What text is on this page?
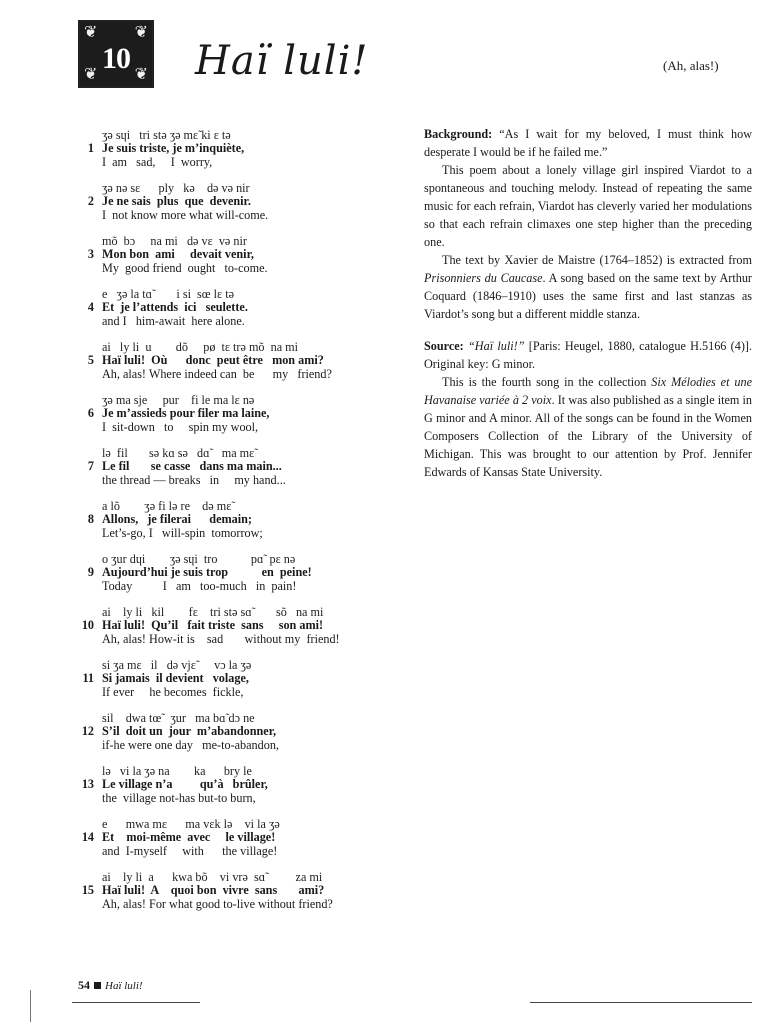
❦ ❦
❦ ❦
10	Haï luli!	(Ah, alas!)
ʒə sɥi   tri stə ʒə mɛ̃ ki ɛ tə
1 Je suis triste, je m’inquiète,
I  am   sad,     I  worry,
ʒə nə sɛ      ply   kə    də və nir
2 Je ne sais  plus  que  devenir.
I  not know more what will-come.
mõ  bɔ     na mi   də vɛ  və nir
3 Mon bon  ami     devait venir,
My  good friend  ought   to-come.
e   ʒə la tɑ̃        i si  sœ lɛ tə
4 Et  je l’attends  ici   seulette.
and I   him-await  here alone.
ai   ly li  u        dõ     pø  tɛ trə mõ  na mi
5 Haï luli!  Où      donc  peut être   mon ami?
Ah, alas! Where indeed can  be      my   friend?
ʒə ma sje     pur    fi le ma lɛ nə
6 Je m’assieds pour filer ma laine,
I  sit-down   to     spin my wool,
lə  fil       sə kɑ sə   dɑ̃    ma mɛ̃
7 Le fil       se casse   dans ma main...
the thread — breaks   in     my hand...
a lõ        ʒə fi lə re    də mɛ̃
8 Allons,   je filerai      demain;
Let’s-go, I   will-spin  tomorrow;
o ʒur dɥi        ʒə sɥi  tro           pɑ̃  pɛ nə
9 Aujourd’hui je suis trop           en  peine!
Today          I   am   too-much   in  pain!
ai    ly li   kil        fɛ    tri stə sɑ̃        sõ   na mi
10 Haï luli!  Qu’il   fait triste  sans     son ami!
Ah, alas! How-it is    sad       without my  friend!
si ʒa mɛ   il   də vjɛ̃      vɔ la ʒə
11 Si jamais  il devient   volage,
If ever     he becomes  fickle,
sil    dwa tœ̃   ʒur   ma bɑ̃ dɔ ne
12 S’il  doit un  jour  m’abandonner,
if-he were one day   me-to-abandon,
lə   vi la ʒə na        ka      bry le
13 Le village n’a         qu’à   brûler,
the  village not-has but-to burn,
e      mwa mɛ      ma vɛk lə    vi la ʒə
14 Et    moi-même  avec     le village!
and  I-myself     with      the village!
ai    ly li  a      kwa bõ    vi vrə  sɑ̃          za mi
15 Haï luli!  A    quoi bon  vivre  sans       ami?
Ah, alas! For what good to-live without friend?

Background: “As I wait for my beloved, I must think how desperate I would be if he failed me.”

This poem about a lonely village girl inspired Viardot to a spontaneous and touching melody. Instead of repeating the same music for each refrain, Viardot has cleverly varied her modulations so that each refrain climaxes one step higher than the preceding one.

The text by Xavier de Maistre (1764–1852) is extracted from Prisonniers du Caucase. A song based on the same text by Arthur Coquard (1846–1910) uses the same first and last stanzas as Viardot’s song but a different middle stanza.

Source: “Haï luli!” [Paris: Heugel, 1880, catalogue H.5166 (4)]. Original key: G minor.

This is the fourth song in the collection Six Mélodies et une Havanaise variée à 2 voix. It was also published as a single item in G minor and A minor. All of the songs can be found in the Women Composers Collection of the Library of the University of Michigan. This was brought to our attention by Prof. Jennifer Edwards of Kansas State University.

54 Haï luli!
